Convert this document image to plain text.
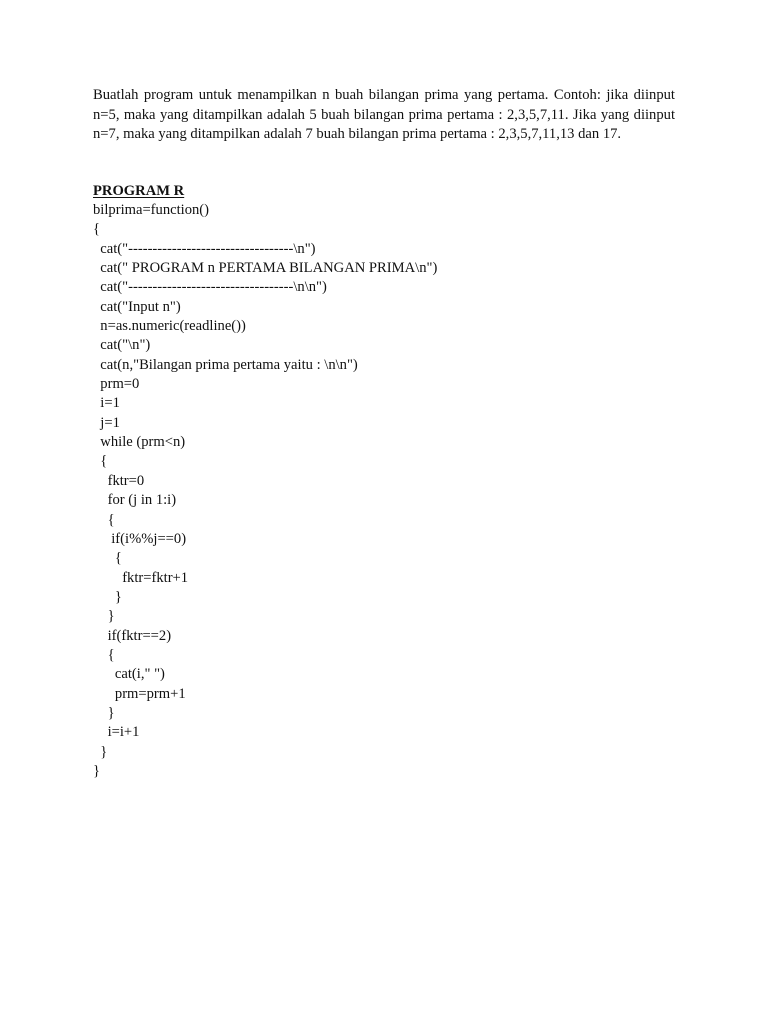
Buatlah program untuk menampilkan n buah bilangan prima yang pertama. Contoh: jika diinput n=5, maka yang ditampilkan adalah 5 buah bilangan prima pertama : 2,3,5,7,11. Jika yang diinput n=7, maka yang ditampilkan adalah 7 buah bilangan prima pertama : 2,3,5,7,11,13 dan 17.

PROGRAM R

bilprima=function()
{
cat("----------------------------------\n")
cat(" PROGRAM n PERTAMA BILANGAN PRIMA\n")
cat("----------------------------------\n\n")
cat("Input n")
n=as.numeric(readline())
cat("\n")
cat(n,"Bilangan prima pertama yaitu : \n\n")
prm=0
i=1
j=1
while (prm<n)
{
fktr=0
for (j in 1:i)
{
if(i%%j==0)
{
fktr=fktr+1
}
}
if(fktr==2)
{
cat(i," ")
prm=prm+1
}
i=i+1
}
}
